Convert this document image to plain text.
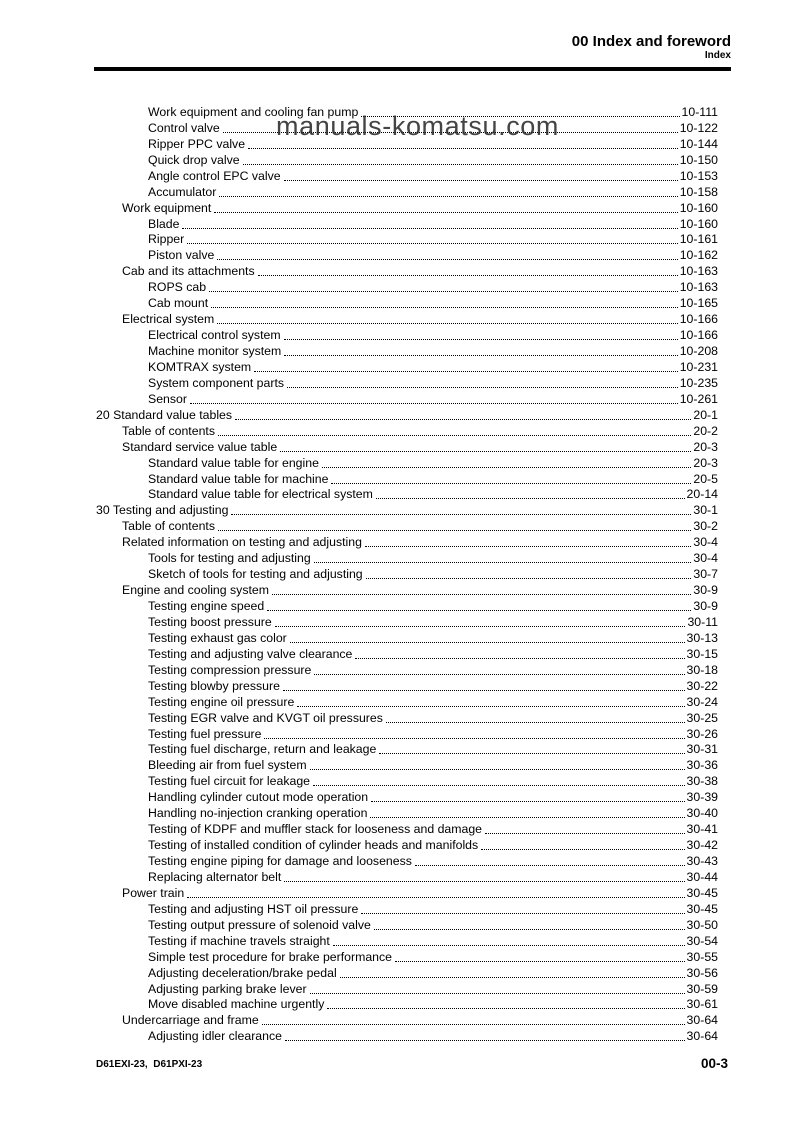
00 Index and foreword
Index
manuals-komatsu.com
Work equipment and cooling fan pump	10-111
Control valve	10-122
Ripper PPC valve	10-144
Quick drop valve	10-150
Angle control EPC valve	10-153
Accumulator	10-158
Work equipment	10-160
Blade	10-160
Ripper	10-161
Piston valve	10-162
Cab and its attachments	10-163
ROPS cab	10-163
Cab mount	10-165
Electrical system	10-166
Electrical control system	10-166
Machine monitor system	10-208
KOMTRAX system	10-231
System component parts	10-235
Sensor	10-261
20 Standard value tables	20-1
Table of contents	20-2
Standard service value table	20-3
Standard value table for engine	20-3
Standard value table for machine	20-5
Standard value table for electrical system	20-14
30 Testing and adjusting	30-1
Table of contents	30-2
Related information on testing and adjusting	30-4
Tools for testing and adjusting	30-4
Sketch of tools for testing and adjusting	30-7
Engine and cooling system	30-9
Testing engine speed	30-9
Testing boost pressure	30-11
Testing exhaust gas color	30-13
Testing and adjusting valve clearance	30-15
Testing compression pressure	30-18
Testing blowby pressure	30-22
Testing engine oil pressure	30-24
Testing EGR valve and KVGT oil pressures	30-25
Testing fuel pressure	30-26
Testing fuel discharge, return and leakage	30-31
Bleeding air from fuel system	30-36
Testing fuel circuit for leakage	30-38
Handling cylinder cutout mode operation	30-39
Handling no-injection cranking operation	30-40
Testing of KDPF and muffler stack for looseness and damage	30-41
Testing of installed condition of cylinder heads and manifolds	30-42
Testing engine piping for damage and looseness	30-43
Replacing alternator belt	30-44
Power train	30-45
Testing and adjusting HST oil pressure	30-45
Testing output pressure of solenoid valve	30-50
Testing if machine travels straight	30-54
Simple test procedure for brake performance	30-55
Adjusting deceleration/brake pedal	30-56
Adjusting parking brake lever	30-59
Move disabled machine urgently	30-61
Undercarriage and frame	30-64
Adjusting idler clearance	30-64
D61EXI-23,  D61PXI-23	00-3
